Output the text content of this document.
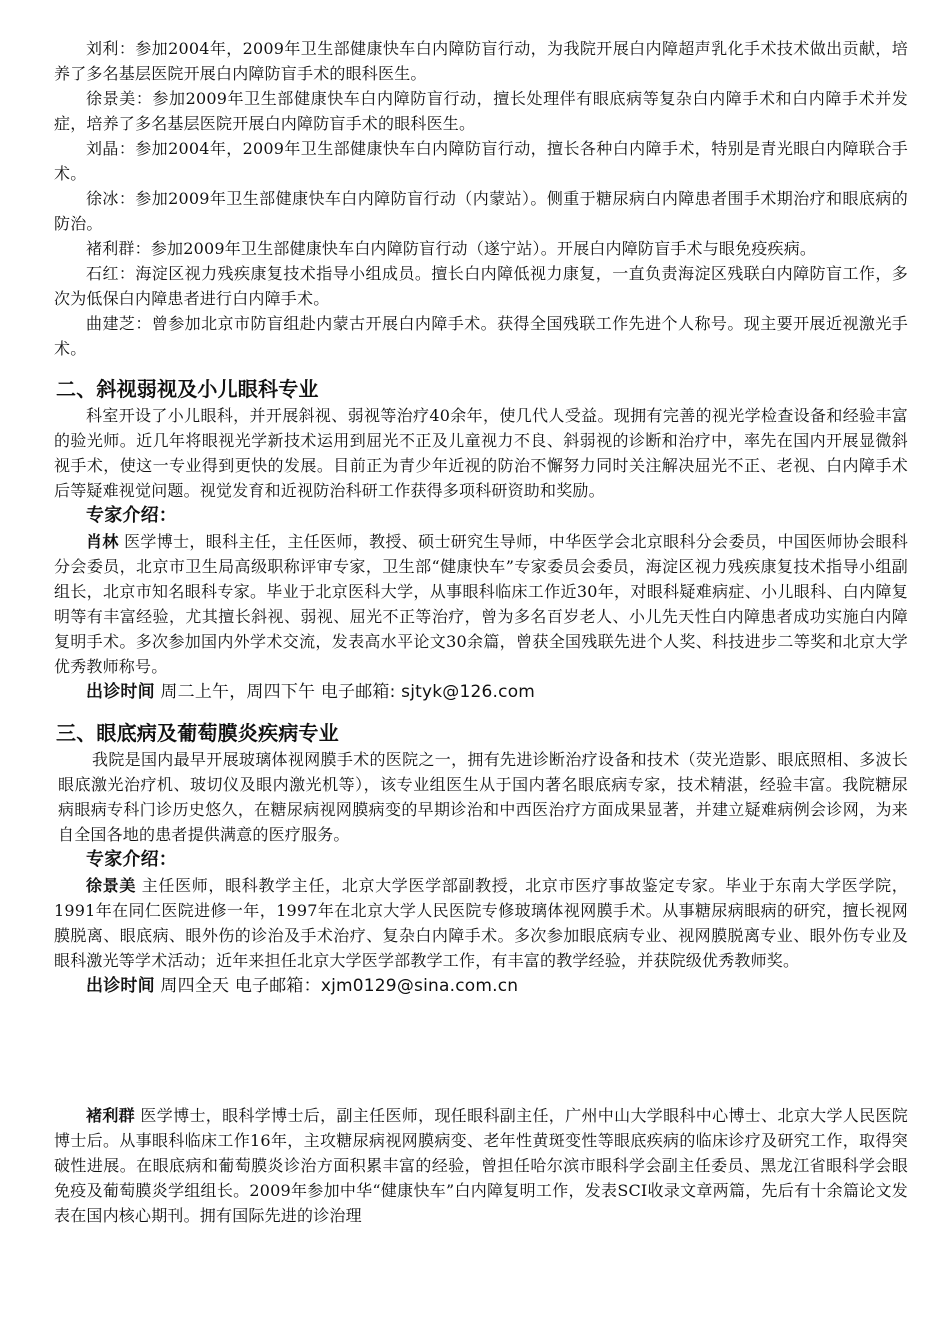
刘利：参加2004年，2009年卫生部健康快车白内障防盲行动，为我院开展白内障超声乳化手术技术做出贡献，培养了多名基层医院开展白内障防盲手术的眼科医生。

徐景美：参加2009年卫生部健康快车白内障防盲行动，擅长处理伴有眼底病等复杂白内障手术和白内障手术并发症，培养了多名基层医院开展白内障防盲手术的眼科医生。

刘晶：参加2004年，2009年卫生部健康快车白内障防盲行动，擅长各种白内障手术，特别是青光眼白内障联合手术。

徐冰：参加2009年卫生部健康快车白内障防盲行动（内蒙站）。侧重于糖尿病白内障患者围手术期治疗和眼底病的防治。

褚利群：参加2009年卫生部健康快车白内障防盲行动（遂宁站）。开展白内障防盲手术与眼免疫疾病。

石红：海淀区视力残疾康复技术指导小组成员。擅长白内障低视力康复，一直负责海淀区残联白内障防盲工作，多次为低保白内障患者进行白内障手术。

曲建芝：曾参加北京市防盲组赴内蒙古开展白内障手术。获得全国残联工作先进个人称号。现主要开展近视激光手术。

二、斜视弱视及小儿眼科专业

科室开设了小儿眼科，并开展斜视、弱视等治疗40余年，使几代人受益。现拥有完善的视光学检查设备和经验丰富的验光师。近几年将眼视光学新技术运用到屈光不正及儿童视力不良、斜弱视的诊断和治疗中，率先在国内开展显微斜视手术，使这一专业得到更快的发展。目前正为青少年近视的防治不懈努力同时关注解决屈光不正、老视、白内障手术后等疑难视觉问题。视觉发育和近视防治科研工作获得多项科研资助和奖励。

专家介绍：

肖林 医学博士，眼科主任，主任医师，教授、硕士研究生导师，中华医学会北京眼科分会委员，中国医师协会眼科分会委员，北京市卫生局高级职称评审专家，卫生部“健康快车”专家委员会委员，海淀区视力残疾康复技术指导小组副组长，北京市知名眼科专家。毕业于北京医科大学，从事眼科临床工作近30年，对眼科疑难病症、小儿眼科、白内障复明等有丰富经验，尤其擅长斜视、弱视、屈光不正等治疗，曾为多名百岁老人、小儿先天性白内障患者成功实施白内障复明手术。多次参加国内外学术交流，发表高水平论文30余篇，曾获全国残联先进个人奖、科技进步二等奖和北京大学优秀教师称号。

出诊时间 周二上午，周四下午 电子邮箱: sjtyk@126.com

三、眼底病及葡萄膜炎疾病专业

我院是国内最早开展玻璃体视网膜手术的医院之一，拥有先进诊断治疗设备和技术（荧光造影、眼底照相、多波长眼底激光治疗机、玻切仪及眼内激光机等），该专业组医生从于国内著名眼底病专家，技术精湛，经验丰富。我院糖尿病眼病专科门诊历史悠久，在糖尿病视网膜病变的早期诊治和中西医治疗方面成果显著，并建立疑难病例会诊网，为来自全国各地的患者提供满意的医疗服务。

专家介绍：

徐景美 主任医师，眼科教学主任，北京大学医学部副教授，北京市医疗事故鉴定专家。毕业于东南大学医学院，1991年在同仁医院进修一年，1997年在北京大学人民医院专修玻璃体视网膜手术。从事糖尿病眼病的研究，擅长视网膜脱离、眼底病、眼外伤的诊治及手术治疗、复杂白内障手术。多次参加眼底病专业、视网膜脱离专业、眼外伤专业及眼科激光等学术活动；近年来担任北京大学医学部教学工作，有丰富的教学经验，并获院级优秀教师奖。

出诊时间 周四全天 电子邮箱：xjm0129@sina.com.cn

褚利群 医学博士，眼科学博士后，副主任医师，现任眼科副主任，广州中山大学眼科中心博士、北京大学人民医院博士后。从事眼科临床工作16年，主攻糖尿病视网膜病变、老年性黄斑变性等眼底疾病的临床诊疗及研究工作，取得突破性进展。在眼底病和葡萄膜炎诊治方面积累丰富的经验，曾担任哈尔滨市眼科学会副主任委员、黑龙江省眼科学会眼免疫及葡萄膜炎学组组长。2009年参加中华“健康快车”白内障复明工作，发表SCI收录文章两篇，先后有十余篇论文发表在国内核心期刊。拥有国际先进的诊治理
